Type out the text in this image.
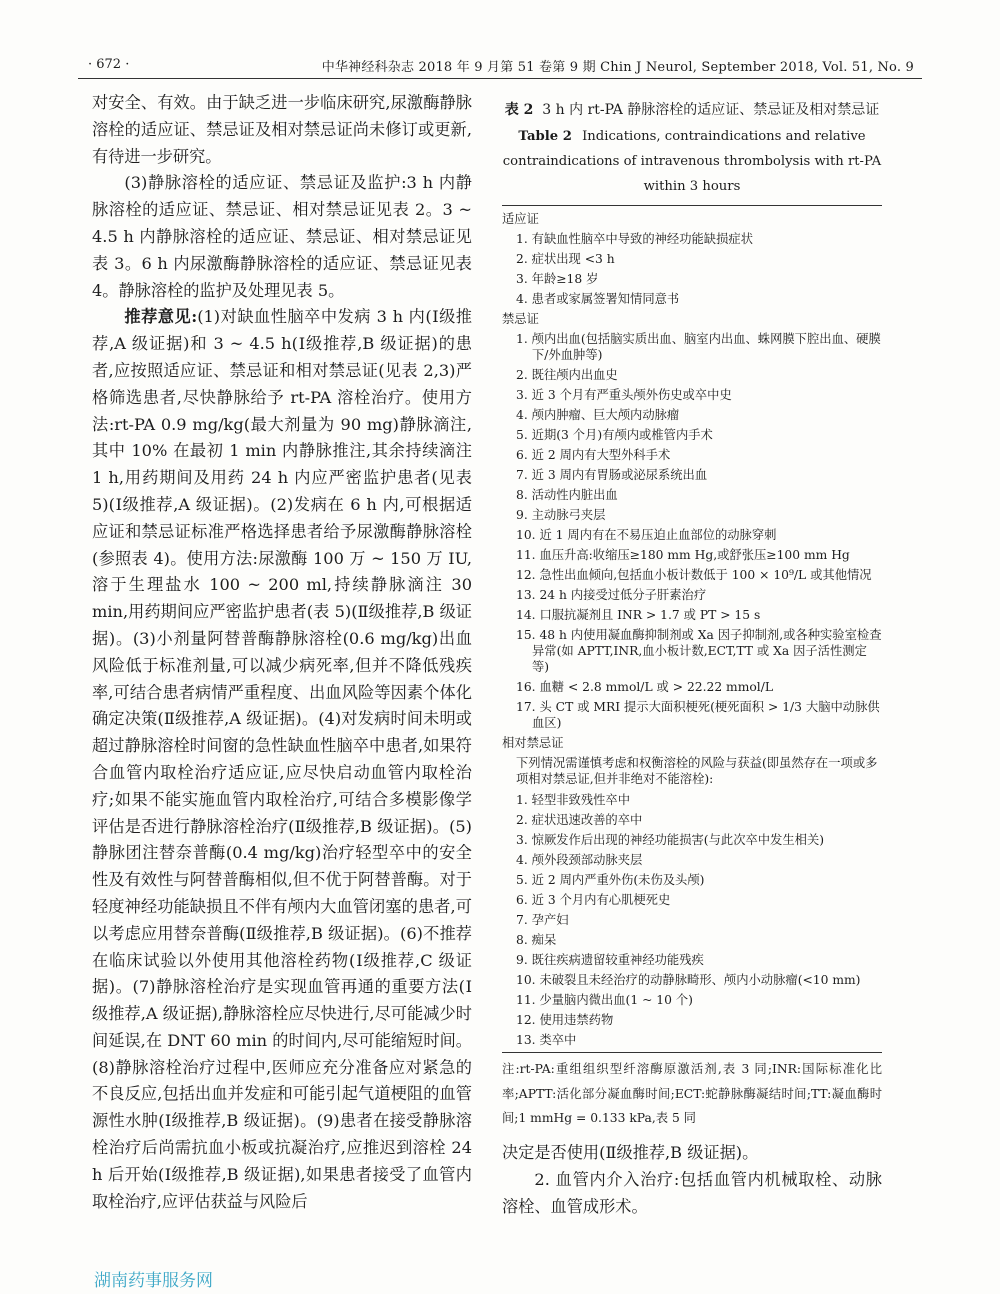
· 672 ·	中华神经科杂志 2018 年 9 月第 51 卷第 9 期 Chin J Neurol, September 2018, Vol. 51, No. 9

对安全、有效。由于缺乏进一步临床研究,尿激酶静脉溶栓的适应证、禁忌证及相对禁忌证尚未修订或更新,有待进一步研究。

(3)静脉溶栓的适应证、禁忌证及监护:3 h 内静脉溶栓的适应证、禁忌证、相对禁忌证见表 2。3 ~ 4.5 h 内静脉溶栓的适应证、禁忌证、相对禁忌证见表 3。6 h 内尿激酶静脉溶栓的适应证、禁忌证见表 4。静脉溶栓的监护及处理见表 5。

推荐意见:(1)对缺血性脑卒中发病 3 h 内(Ⅰ级推荐,A 级证据)和 3 ~ 4.5 h(Ⅰ级推荐,B 级证据)的患者,应按照适应证、禁忌证和相对禁忌证(见表 2,3)严格筛选患者,尽快静脉给予 rt-PA 溶栓治疗。使用方法:rt-PA 0.9 mg/kg(最大剂量为 90 mg)静脉滴注,其中 10% 在最初 1 min 内静脉推注,其余持续滴注 1 h,用药期间及用药 24 h 内应严密监护患者(见表 5)(Ⅰ级推荐,A 级证据)。(2)发病在 6 h 内,可根据适应证和禁忌证标准严格选择患者给予尿激酶静脉溶栓(参照表 4)。使用方法:尿激酶 100 万 ~ 150 万 IU,溶于生理盐水 100 ~ 200 ml,持续静脉滴注 30 min,用药期间应严密监护患者(表 5)(Ⅱ级推荐,B 级证据)。(3)小剂量阿替普酶静脉溶栓(0.6 mg/kg)出血风险低于标准剂量,可以减少病死率,但并不降低残疾率,可结合患者病情严重程度、出血风险等因素个体化确定决策(Ⅱ级推荐,A 级证据)。(4)对发病时间未明或超过静脉溶栓时间窗的急性缺血性脑卒中患者,如果符合血管内取栓治疗适应证,应尽快启动血管内取栓治疗;如果不能实施血管内取栓治疗,可结合多模影像学评估是否进行静脉溶栓治疗(Ⅱ级推荐,B 级证据)。(5)静脉团注替奈普酶(0.4 mg/kg)治疗轻型卒中的安全性及有效性与阿替普酶相似,但不优于阿替普酶。对于轻度神经功能缺损且不伴有颅内大血管闭塞的患者,可以考虑应用替奈普酶(Ⅱ级推荐,B 级证据)。(6)不推荐在临床试验以外使用其他溶栓药物(Ⅰ级推荐,C 级证据)。(7)静脉溶栓治疗是实现血管再通的重要方法(Ⅰ级推荐,A 级证据),静脉溶栓应尽快进行,尽可能减少时间延误,在 DNT 60 min 的时间内,尽可能缩短时间。(8)静脉溶栓治疗过程中,医师应充分准备应对紧急的不良反应,包括出血并发症和可能引起气道梗阻的血管源性水肿(Ⅰ级推荐,B 级证据)。(9)患者在接受静脉溶栓治疗后尚需抗血小板或抗凝治疗,应推迟到溶栓 24 h 后开始(Ⅰ级推荐,B 级证据),如果患者接受了血管内取栓治疗,应评估获益与风险后

表 2 3 h 内 rt-PA 静脉溶栓的适应证、禁忌证及相对禁忌证
Table 2 Indications, contraindications and relative contraindications of intravenous thrombolysis with rt-PA within 3 hours

适应证

1. 有缺血性脑卒中导致的神经功能缺损症状

2. 症状出现 <3 h

3. 年龄≥18 岁

4. 患者或家属签署知情同意书

禁忌证

1. 颅内出血(包括脑实质出血、脑室内出血、蛛网膜下腔出血、硬膜下/外血肿等)

2. 既往颅内出血史

3. 近 3 个月有严重头颅外伤史或卒中史

4. 颅内肿瘤、巨大颅内动脉瘤

5. 近期(3 个月)有颅内或椎管内手术

6. 近 2 周内有大型外科手术

7. 近 3 周内有胃肠或泌尿系统出血

8. 活动性内脏出血

9. 主动脉弓夹层

10. 近 1 周内有在不易压迫止血部位的动脉穿刺

11. 血压升高:收缩压≥180 mm Hg,或舒张压≥100 mm Hg

12. 急性出血倾向,包括血小板计数低于 100 × 10⁹/L 或其他情况

13. 24 h 内接受过低分子肝素治疗

14. 口服抗凝剂且 INR > 1.7 或 PT > 15 s

15. 48 h 内使用凝血酶抑制剂或 Xa 因子抑制剂,或各种实验室检查异常(如 APTT,INR,血小板计数,ECT,TT 或 Xa 因子活性测定等)

16. 血糖 < 2.8 mmol/L 或 > 22.22 mmol/L

17. 头 CT 或 MRI 提示大面积梗死(梗死面积 > 1/3 大脑中动脉供血区)

相对禁忌证

下列情况需谨慎考虑和权衡溶栓的风险与获益(即虽然存在一项或多项相对禁忌证,但并非绝对不能溶栓):

1. 轻型非致残性卒中

2. 症状迅速改善的卒中

3. 惊厥发作后出现的神经功能损害(与此次卒中发生相关)

4. 颅外段颈部动脉夹层

5. 近 2 周内严重外伤(未伤及头颅)

6. 近 3 个月内有心肌梗死史

7. 孕产妇

8. 痴呆

9. 既往疾病遗留较重神经功能残疾

10. 未破裂且未经治疗的动静脉畸形、颅内小动脉瘤(<10 mm)

11. 少量脑内微出血(1 ~ 10 个)

12. 使用违禁药物

13. 类卒中

注:rt-PA:重组组织型纤溶酶原激活剂,表 3 同;INR:国际标准化比率;APTT:活化部分凝血酶时间;ECT:蛇静脉酶凝结时间;TT:凝血酶时间;1 mmHg = 0.133 kPa,表 5 同

决定是否使用(Ⅱ级推荐,B 级证据)。

2. 血管内介入治疗:包括血管内机械取栓、动脉溶栓、血管成形术。

湖南药事服务网
